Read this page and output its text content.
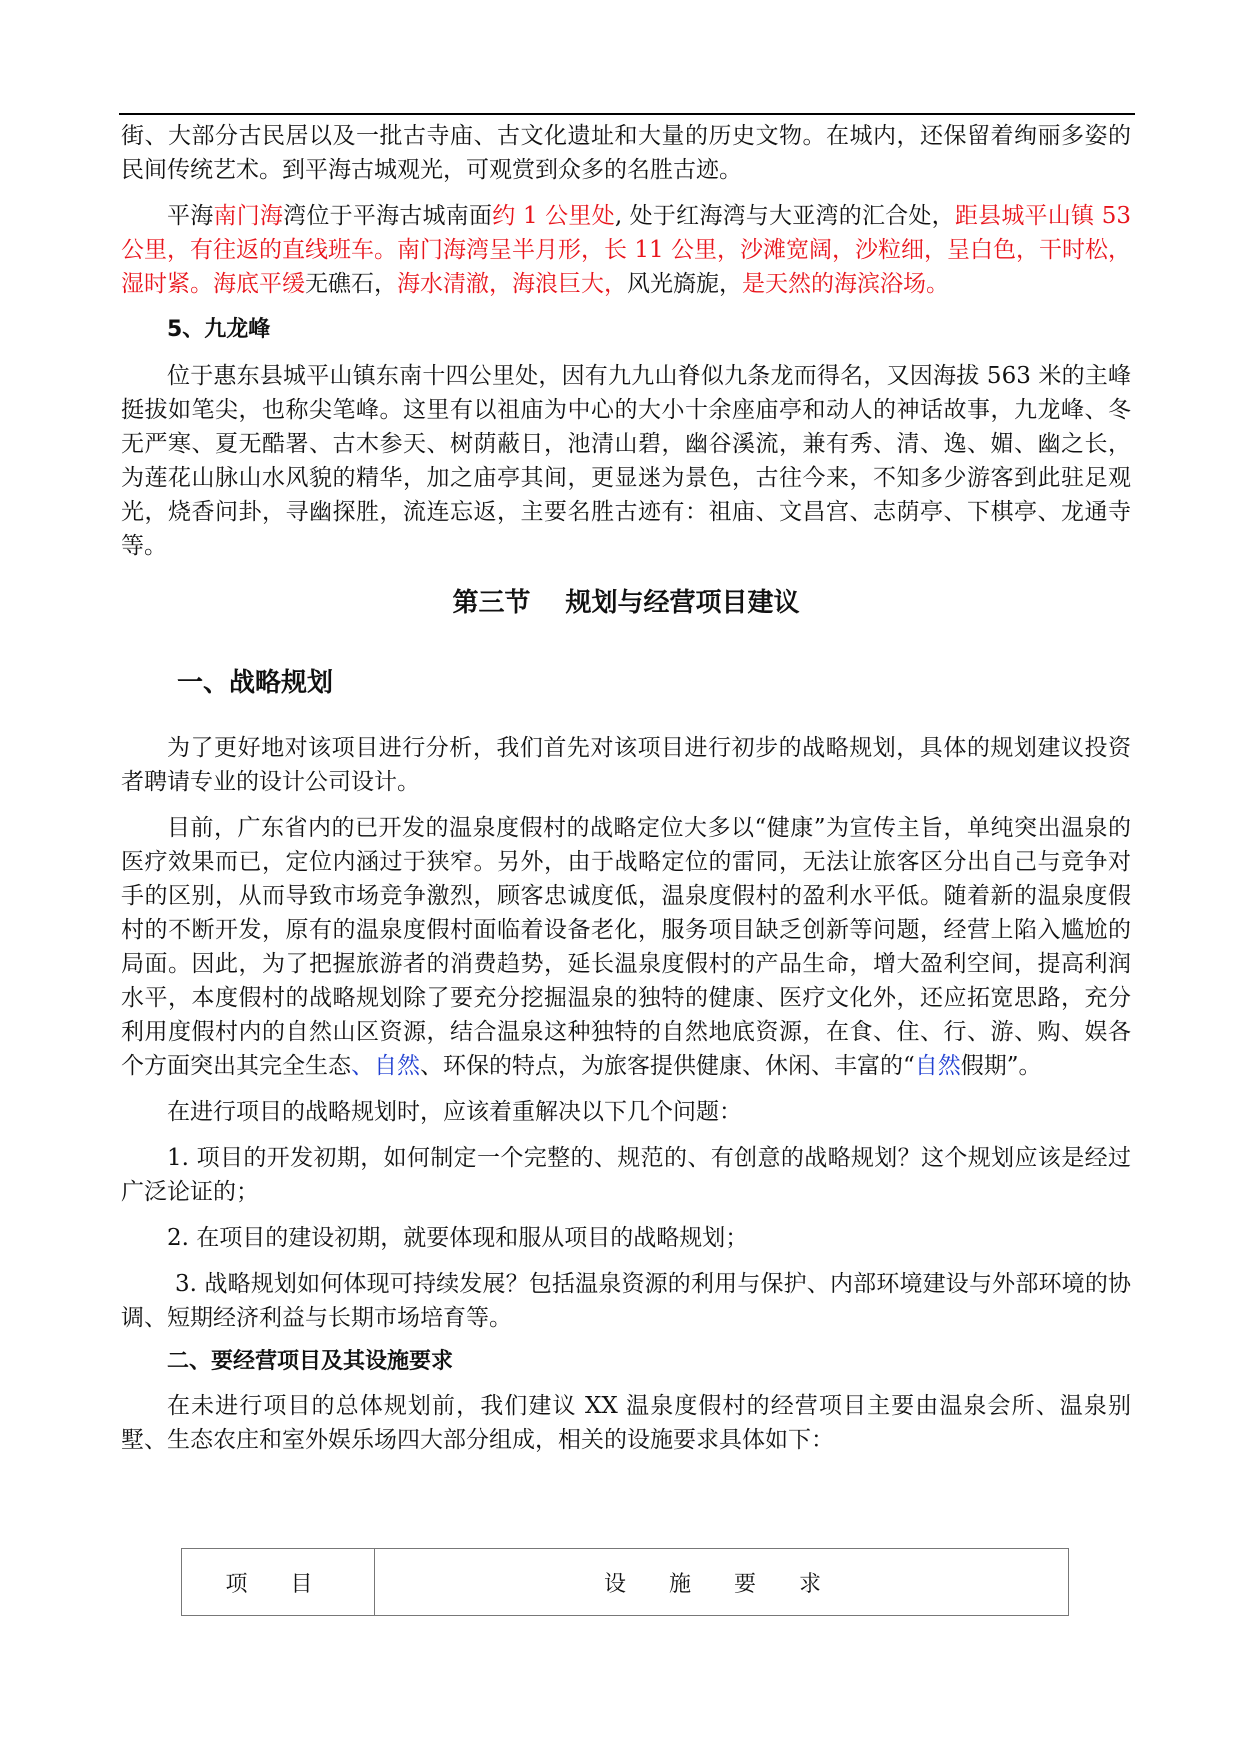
街、大部分古民居以及一批古寺庙、古文化遗址和大量的历史文物。在城内，还保留着绚丽多姿的民间传统艺术。到平海古城观光，可观赏到众多的名胜古迹。

平海南门海湾位于平海古城南面约 1 公里处, 处于红海湾与大亚湾的汇合处，距县城平山镇 53 公里，有往返的直线班车。南门海湾呈半月形，长 11 公里，沙滩宽阔，沙粒细，呈白色，干时松，湿时紧。海底平缓无礁石，海水清澈，海浪巨大，风光旖旎，是天然的海滨浴场。

5、九龙峰

位于惠东县城平山镇东南十四公里处，因有九九山脊似九条龙而得名，又因海拔 563 米的主峰挺拔如笔尖，也称尖笔峰。这里有以祖庙为中心的大小十余座庙亭和动人的神话故事，九龙峰、冬无严寒、夏无酷署、古木参天、树荫蔽日，池清山碧，幽谷溪流，兼有秀、清、逸、媚、幽之长，为莲花山脉山水风貌的精华，加之庙亭其间，更显迷为景色，古往今来，不知多少游客到此驻足观光，烧香问卦，寻幽探胜，流连忘返，主要名胜古迹有：祖庙、文昌宫、志荫亭、下棋亭、龙通寺等。

第三节　 规划与经营项目建议
一、战略规划

为了更好地对该项目进行分析，我们首先对该项目进行初步的战略规划，具体的规划建议投资者聘请专业的设计公司设计。

目前，广东省内的已开发的温泉度假村的战略定位大多以“健康”为宣传主旨，单纯突出温泉的医疗效果而已，定位内涵过于狭窄。另外，由于战略定位的雷同，无法让旅客区分出自己与竞争对手的区别，从而导致市场竞争激烈，顾客忠诚度低，温泉度假村的盈利水平低。随着新的温泉度假村的不断开发，原有的温泉度假村面临着设备老化，服务项目缺乏创新等问题，经营上陷入尴尬的局面。因此，为了把握旅游者的消费趋势，延长温泉度假村的产品生命，增大盈利空间，提高利润水平，本度假村的战略规划除了要充分挖掘温泉的独特的健康、医疗文化外，还应拓宽思路，充分利用度假村内的自然山区资源，结合温泉这种独特的自然地底资源，在食、住、行、游、购、娱各个方面突出其完全生态、自然、环保的特点，为旅客提供健康、休闲、丰富的“自然假期”。

在进行项目的战略规划时，应该着重解决以下几个问题：

1. 项目的开发初期，如何制定一个完整的、规范的、有创意的战略规划？这个规划应该是经过广泛论证的；

2. 在项目的建设初期，就要体现和服从项目的战略规划；

3. 战略规划如何体现可持续发展？包括温泉资源的利用与保护、内部环境建设与外部环境的协调、短期经济利益与长期市场培育等。

二、要经营项目及其设施要求

在未进行项目的总体规划前，我们建议 XX 温泉度假村的经营项目主要由温泉会所、温泉别墅、生态农庄和室外娱乐场四大部分组成，相关的设施要求具体如下：

项 目	设 施 要 求
